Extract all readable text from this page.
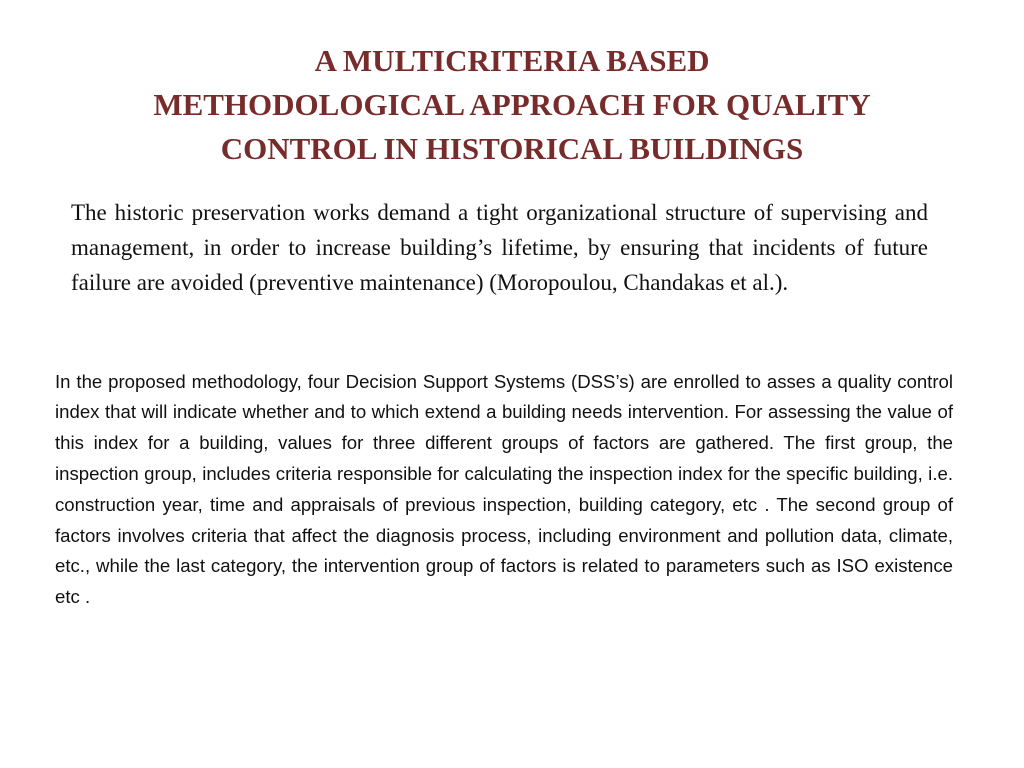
A MULTICRITERIA BASED
METHODOLOGICAL APPROACH FOR QUALITY
CONTROL IN HISTORICAL BUILDINGS

The historic preservation works demand a tight organizational structure of supervising and management, in order to increase building’s lifetime, by ensuring that incidents of future failure are avoided (preventive maintenance) (Moropoulou, Chandakas et al.).

In the proposed methodology, four Decision Support Systems (DSS’s) are enrolled to asses a quality control index that will indicate whether and to which extend a building needs intervention. For assessing the value of this index for a building, values for three different groups of factors are gathered. The first group, the inspection group, includes criteria responsible for calculating the inspection index for the specific building, i.e. construction year, time and appraisals of previous inspection, building category, etc . The second group of factors involves criteria that affect the diagnosis process, including environment and pollution data, climate, etc., while the last category, the intervention group of factors is related to parameters such as ISO existence etc .
